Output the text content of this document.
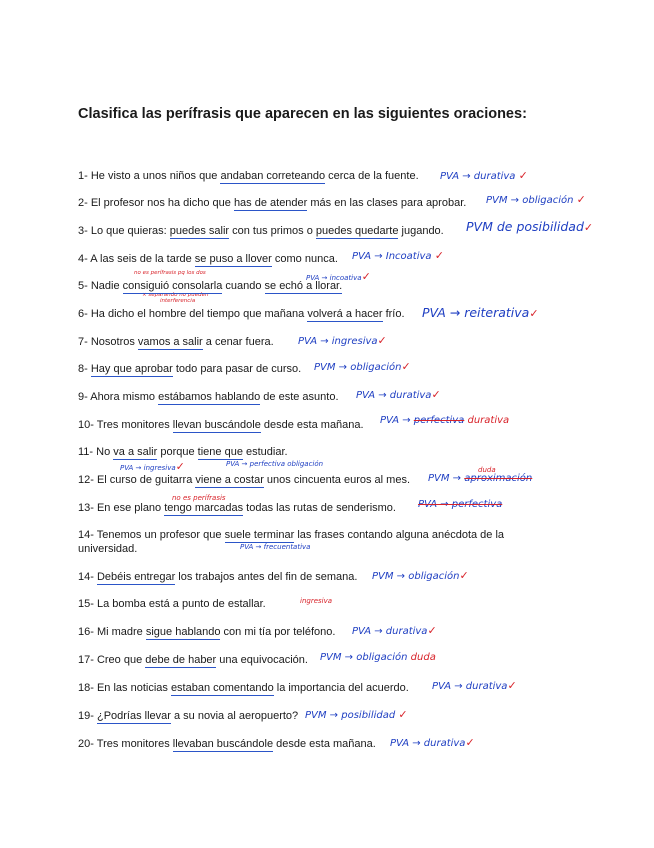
Clasifica las perífrasis que aparecen en las siguientes oraciones:
1- He visto a unos niños que andaban correteando cerca de la fuente. PVA → durativa ✓
2- El profesor nos ha dicho que has de atender más en las clases para aprobar. PVM → obligación ✓
3- Lo que quieras: puedes salir con tus primos o puedes quedarte jugando. PVM de posibilidad✓
4- A las seis de la tarde se puso a llover como nunca. PVA → Incoativa ✓
no es perífrasis pq los dos
× separando no pueden
interferencia
PVA → incoativa✓
5- Nadie consiguió consolarla cuando se echó a llorar.
6- Ha dicho el hombre del tiempo que mañana volverá a hacer frío. PVA → reiterativa✓
7- Nosotros vamos a salir a cenar fuera. PVA → ingresiva✓
8- Hay que aprobar todo para pasar de curso. PVM → obligación✓
9- Ahora mismo estábamos hablando de este asunto. PVA → durativa✓
10- Tres monitores llevan buscándole desde esta mañana. PVA → perfectiva durativa
11- No va a salir porque tiene que estudiar.
PVA → ingresiva✓	PVA → perfectiva obligación
12- El curso de guitarra viene a costar unos cincuenta euros al mes. PVM → aproximación
duda
no es perífrasis
13- En ese plano tengo marcadas todas las rutas de senderismo. PVA → perfectiva
14- Tenemos un profesor que suele terminar las frases contando alguna anécdota de la
universidad.	PVA → frecuentativa
15- La bomba está a punto de estallar.	ingresiva
14- Debéis entregar los trabajos antes del fin de semana. PVM → obligación✓
16- Mi madre sigue hablando con mi tía por teléfono. PVA → durativa✓
17- Creo que debe de haber una equivocación. PVM → obligación duda
18- En las noticias estaban comentando la importancia del acuerdo. PVA → durativa✓
19- ¿Podrías llevar a su novia al aeropuerto? PVM → posibilidad ✓
20- Tres monitores llevaban buscándole desde esta mañana. PVA → durativa✓
